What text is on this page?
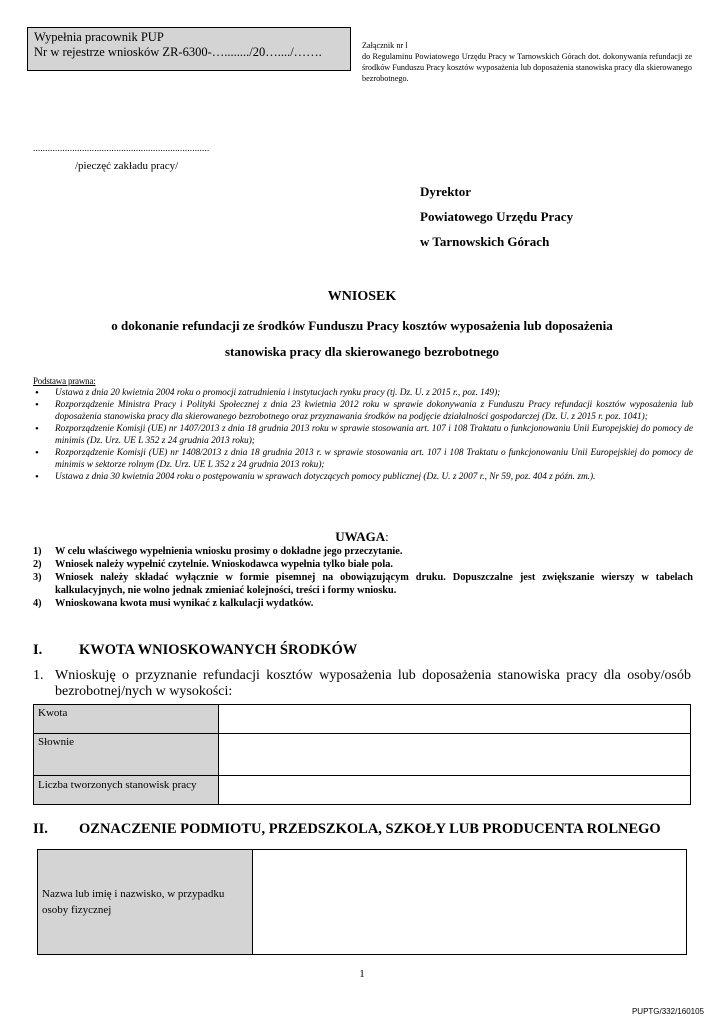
Wypełnia pracownik PUP
Nr w rejestrze wniosków ZR-6300-…......../20…..../…….	Załącznik nr l
do Regulaminu Powiatowego Urzędu Pracy w Tarnowskich Górach dot. dokonywania refundacji ze środków Funduszu Pracy kosztów wyposażenia lub doposażenia stanowiska pracy dla skierowanego bezrobotnego.
........................................................................
/pieczęć zakładu pracy/
Dyrektor
Powiatowego Urzędu Pracy
w Tarnowskich Górach
WNIOSEK
o dokonanie refundacji ze środków Funduszu Pracy kosztów wyposażenia lub doposażenia
stanowiska pracy dla skierowanego bezrobotnego
Podstawa prawna:
• Ustawa z dnia 20 kwietnia 2004 roku o promocji zatrudnienia i instytucjach rynku pracy (tj. Dz. U. z 2015 r., poz. 149);
• Rozporządzenie Ministra Pracy i Polityki Społecznej z dnia 23 kwietnia 2012 roku w sprawie dokonywania z Funduszu Pracy refundacji kosztów wyposażenia lub doposażenia stanowiska pracy dla skierowanego bezrobotnego oraz przyznawania środków na podjęcie działalności gospodarczej (Dz. U. z 2015 r. poz. 1041);
• Rozporządzenie Komisji (UE) nr 1407/2013 z dnia 18 grudnia 2013 roku w sprawie stosowania art. 107 i 108 Traktatu o funkcjonowaniu Unii Europejskiej do pomocy de minimis (Dz. Urz. UE L 352 z 24 grudnia 2013 roku);
• Rozporządzenie Komisji (UE) nr 1408/2013 z dnia 18 grudnia 2013 r. w sprawie stosowania art. 107 i 108 Traktatu o funkcjonowaniu Unii Europejskiej do pomocy de minimis w sektorze rolnym (Dz. Urz. UE L 352 z 24 grudnia 2013 roku);
• Ustawa z dnia 30 kwietnia 2004 roku o postępowaniu w sprawach dotyczących pomocy publicznej (Dz. U. z 2007 r., Nr 59, poz. 404 z późn. zm.).
UWAGA:
1) W celu właściwego wypełnienia wniosku prosimy o dokładne jego przeczytanie.
2) Wniosek należy wypełnić czytelnie. Wnioskodawca wypełnia tylko białe pola.
3) Wniosek należy składać wyłącznie w formie pisemnej na obowiązującym druku. Dopuszczalne jest zwiększanie wierszy w tabelach kalkulacyjnych, nie wolno jednak zmieniać kolejności, treści i formy wniosku.
4) Wnioskowana kwota musi wynikać z kalkulacji wydatków.
I.	KWOTA WNIOSKOWANYCH ŚRODKÓW
1. Wnioskuję o przyznanie refundacji kosztów wyposażenia lub doposażenia stanowiska pracy dla osoby/osób bezrobotnej/nych w wysokości:
Kwota	
Słownie	
Liczba tworzonych stanowisk pracy	
II. OZNACZENIE PODMIOTU, PRZEDSZKOLA, SZKOŁY LUB PRODUCENTA ROLNEGO
Nazwa lub imię i nazwisko, w przypadku osoby fizycznej	
1
PUPTG/332/160105
